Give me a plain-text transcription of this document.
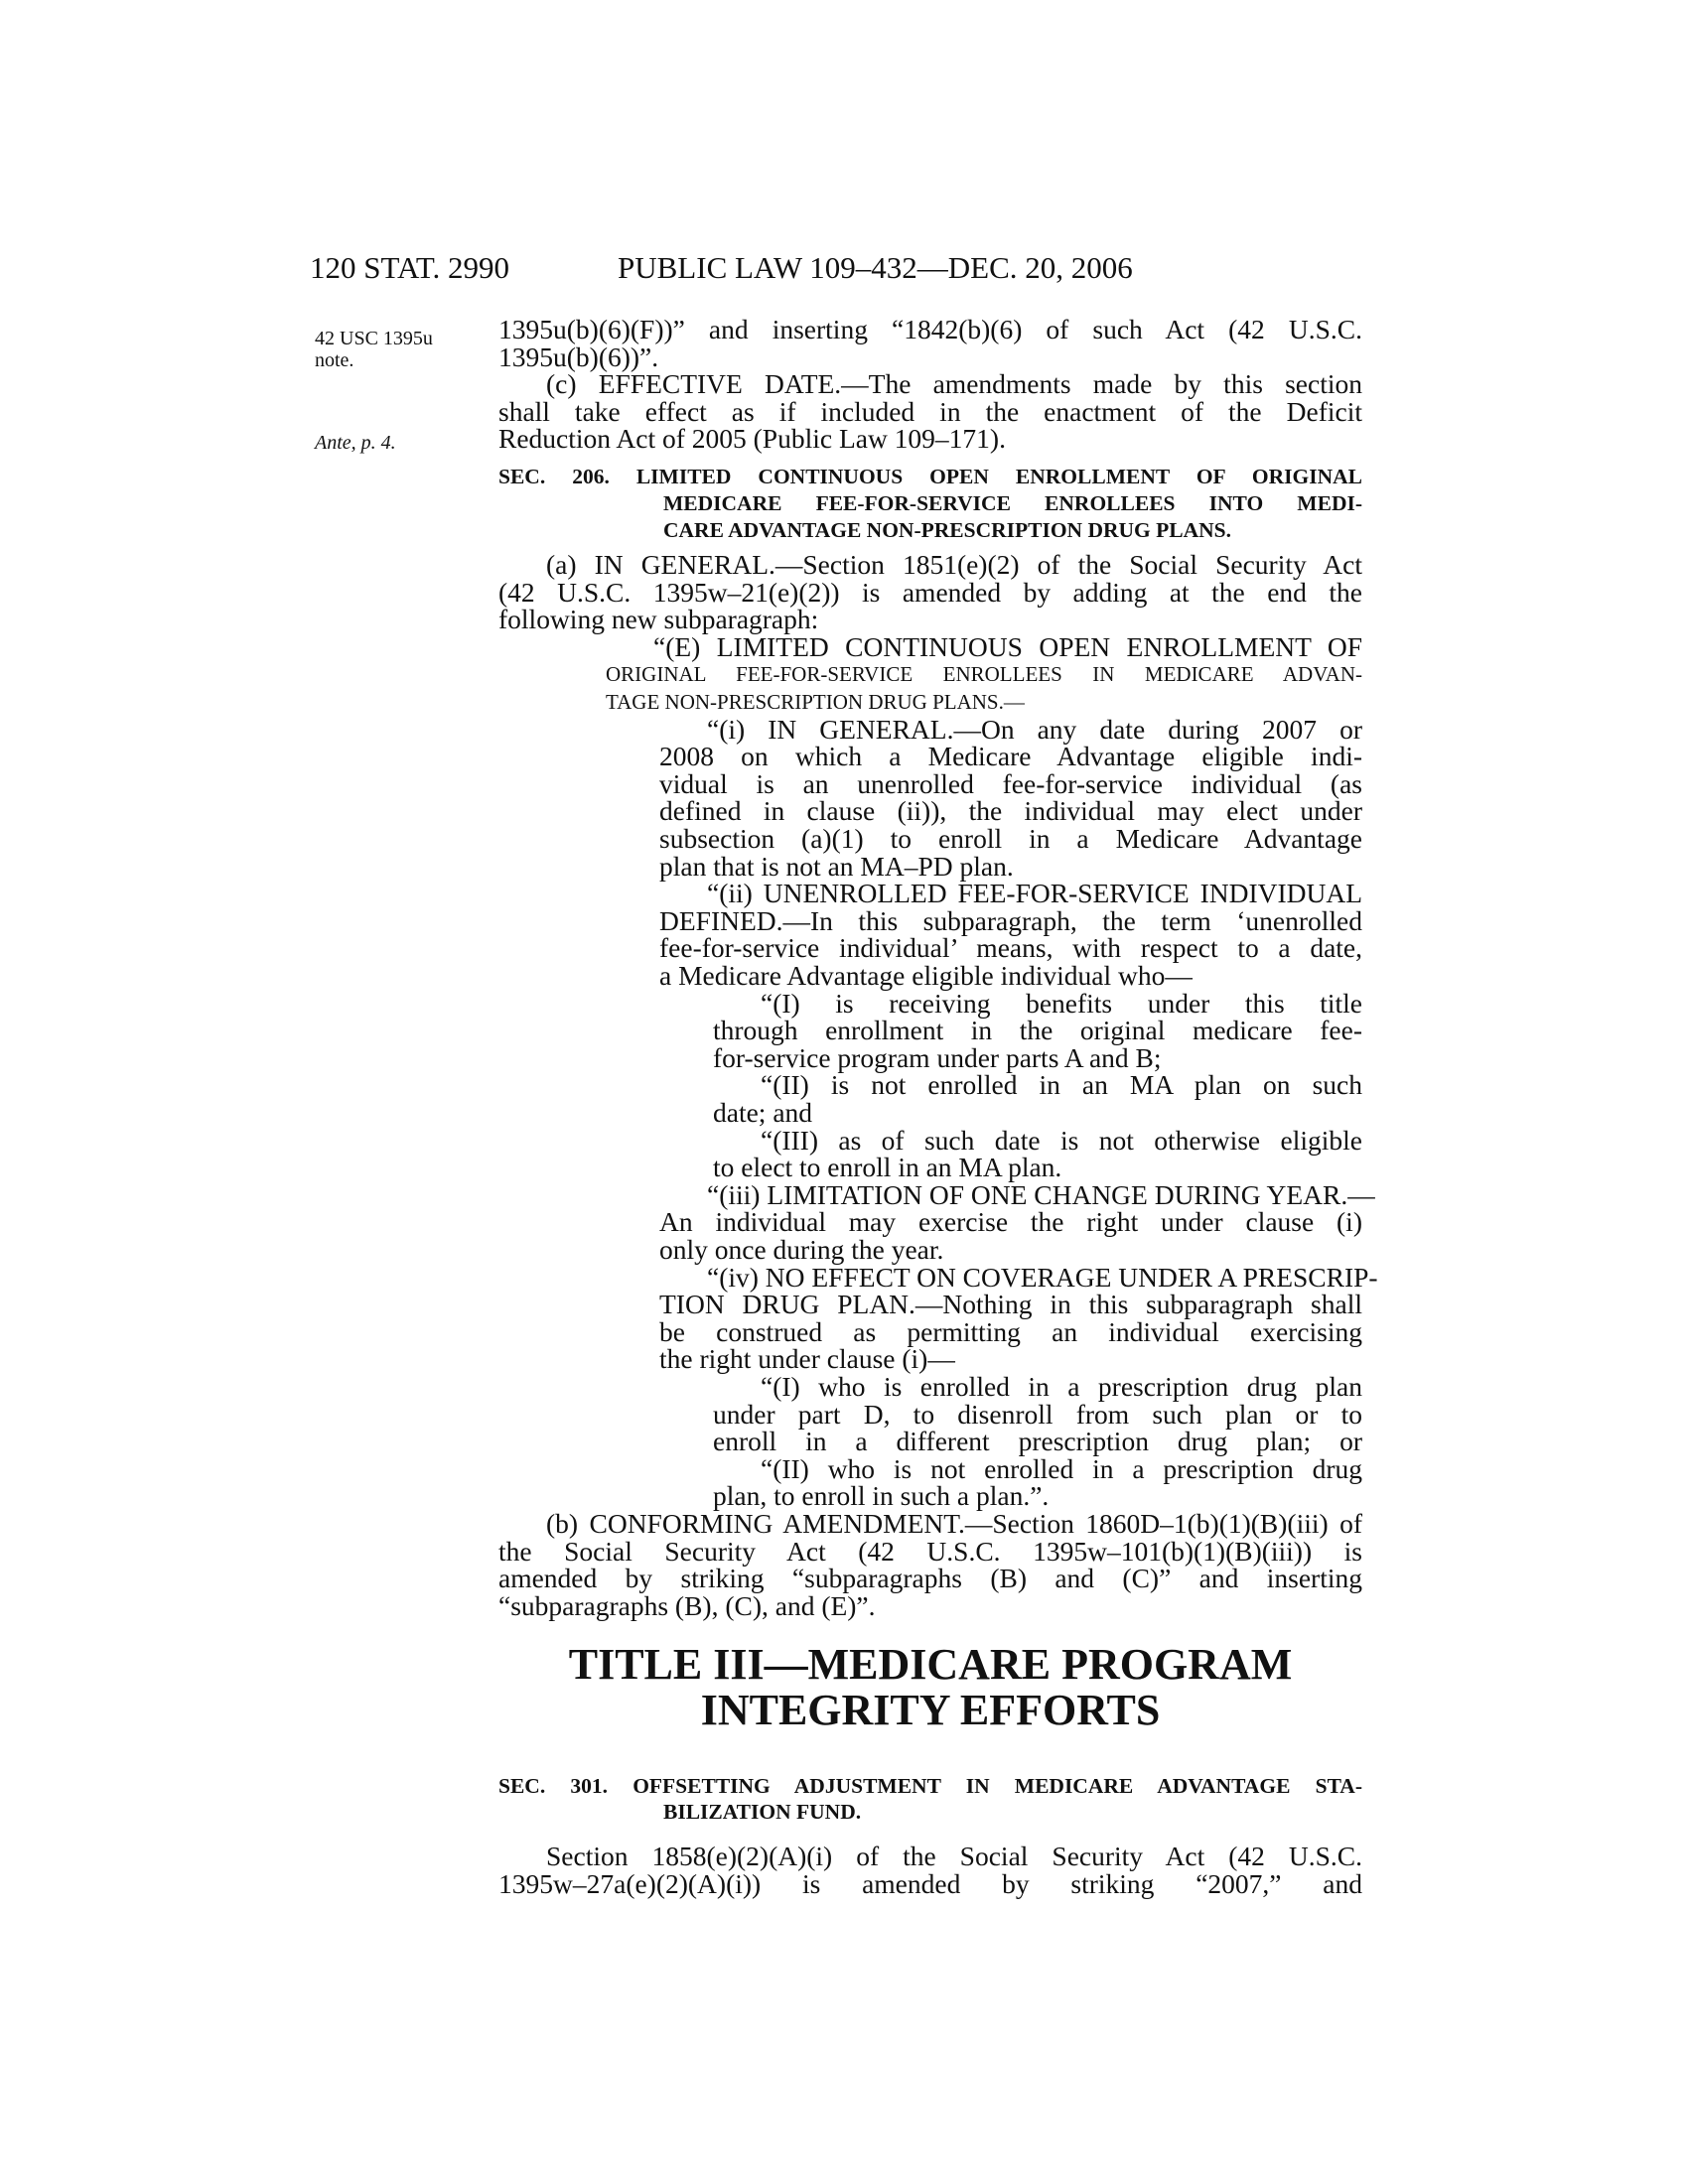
120 STAT. 2990	PUBLIC LAW 109–432—DEC. 20, 2006
42 USC 1395u
note.
Ante, p. 4.
1395u(b)(6)(F))” and inserting “1842(b)(6) of such Act (42 U.S.C.
1395u(b)(6))”.
(c) EFFECTIVE DATE.—The amendments made by this section
shall take effect as if included in the enactment of the Deficit
Reduction Act of 2005 (Public Law 109–171).
SEC. 206. LIMITED CONTINUOUS OPEN ENROLLMENT OF ORIGINAL
MEDICARE FEE-FOR-SERVICE ENROLLEES INTO MEDI-
CARE ADVANTAGE NON-PRESCRIPTION DRUG PLANS.
(a) IN GENERAL.—Section 1851(e)(2) of the Social Security Act
(42 U.S.C. 1395w–21(e)(2)) is amended by adding at the end the
following new subparagraph:
“(E) LIMITED CONTINUOUS OPEN ENROLLMENT OF
ORIGINAL FEE-FOR-SERVICE ENROLLEES IN MEDICARE ADVAN-
TAGE NON-PRESCRIPTION DRUG PLANS.—
“(i) IN GENERAL.—On any date during 2007 or
2008 on which a Medicare Advantage eligible indi-
vidual is an unenrolled fee-for-service individual (as
defined in clause (ii)), the individual may elect under
subsection (a)(1) to enroll in a Medicare Advantage
plan that is not an MA–PD plan.
“(ii) UNENROLLED FEE-FOR-SERVICE INDIVIDUAL
DEFINED.—In this subparagraph, the term ‘unenrolled
fee-for-service individual’ means, with respect to a date,
a Medicare Advantage eligible individual who—
“(I) is receiving benefits under this title
through enrollment in the original medicare fee-
for-service program under parts A and B;
“(II) is not enrolled in an MA plan on such
date; and
“(III) as of such date is not otherwise eligible
to elect to enroll in an MA plan.
“(iii) LIMITATION OF ONE CHANGE DURING YEAR.—
An individual may exercise the right under clause (i)
only once during the year.
“(iv) NO EFFECT ON COVERAGE UNDER A PRESCRIP-
TION DRUG PLAN.—Nothing in this subparagraph shall
be construed as permitting an individual exercising
the right under clause (i)—
“(I) who is enrolled in a prescription drug plan
under part D, to disenroll from such plan or to
enroll in a different prescription drug plan; or
“(II) who is not enrolled in a prescription drug
plan, to enroll in such a plan.”.
(b) CONFORMING AMENDMENT.—Section 1860D–1(b)(1)(B)(iii) of
the Social Security Act (42 U.S.C. 1395w–101(b)(1)(B)(iii)) is
amended by striking “subparagraphs (B) and (C)” and inserting
“subparagraphs (B), (C), and (E)”.
TITLE III—MEDICARE PROGRAM
INTEGRITY EFFORTS
SEC. 301. OFFSETTING ADJUSTMENT IN MEDICARE ADVANTAGE STA-
BILIZATION FUND.
Section 1858(e)(2)(A)(i) of the Social Security Act (42 U.S.C.
1395w–27a(e)(2)(A)(i)) is amended by striking “2007,” and
